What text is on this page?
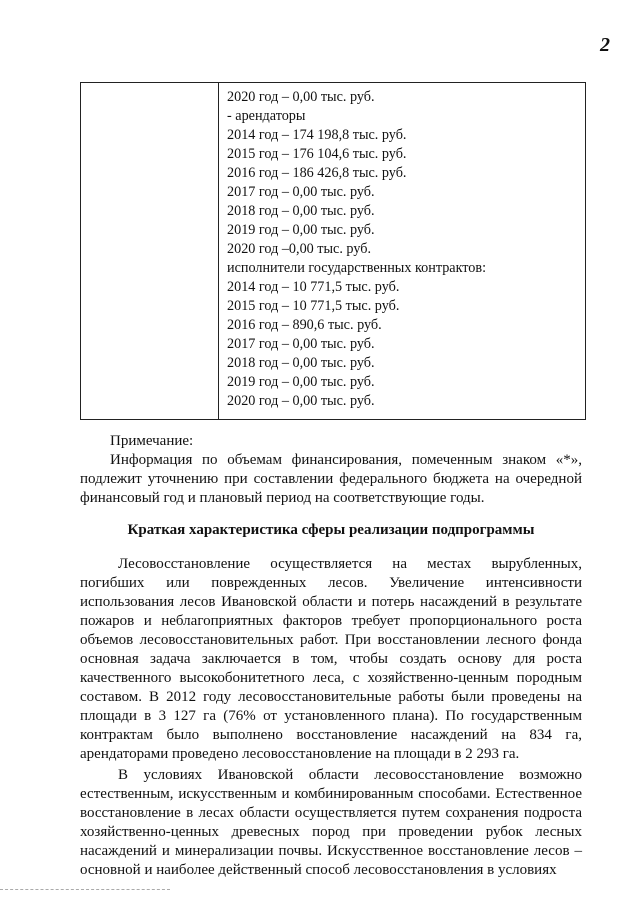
2

2020 год – 0,00 тыс. руб.
- арендаторы
2014 год – 174 198,8 тыс. руб.
2015 год – 176 104,6 тыс. руб.
2016 год – 186 426,8 тыс. руб.
2017 год – 0,00 тыс. руб.
2018 год – 0,00 тыс. руб.
2019 год – 0,00 тыс. руб.
2020 год –0,00 тыс. руб.
исполнители государственных контрактов:
2014 год – 10 771,5 тыс. руб.
2015 год – 10 771,5 тыс. руб.
2016 год – 890,6 тыс. руб.
2017 год – 0,00 тыс. руб.
2018 год – 0,00 тыс. руб.
2019 год – 0,00 тыс. руб.
2020 год – 0,00 тыс. руб.

Примечание:

Информация по объемам финансирования, помеченным знаком «*», подлежит уточнению при составлении федерального бюджета на очередной финансовый год и плановый период на соответствующие годы.

Краткая характеристика сферы реализации подпрограммы

Лесовосстановление осуществляется на местах вырубленных, погибших или поврежденных лесов. Увеличение интенсивности использования лесов Ивановской области и потерь насаждений в результате пожаров и неблагоприятных факторов требует пропорционального роста объемов лесовосстановительных работ. При восстановлении лесного фонда основная задача заключается в том, чтобы создать основу для роста качественного высокобонитетного леса, с хозяйственно-ценным породным составом. В 2012 году лесовосстановительные работы были проведены на площади в 3 127 га (76% от установленного плана). По государственным контрактам было выполнено восстановление насаждений на 834 га, арендаторами проведено лесовосстановление на площади в 2 293 га.

В условиях Ивановской области лесовосстановление возможно естественным, искусственным и комбинированным способами. Естественное восстановление в лесах области осуществляется путем сохранения подроста хозяйственно-ценных древесных пород при проведении рубок лесных насаждений и минерализации почвы. Искусственное восстановление лесов – основной и наиболее действенный способ лесовосстановления в условиях
